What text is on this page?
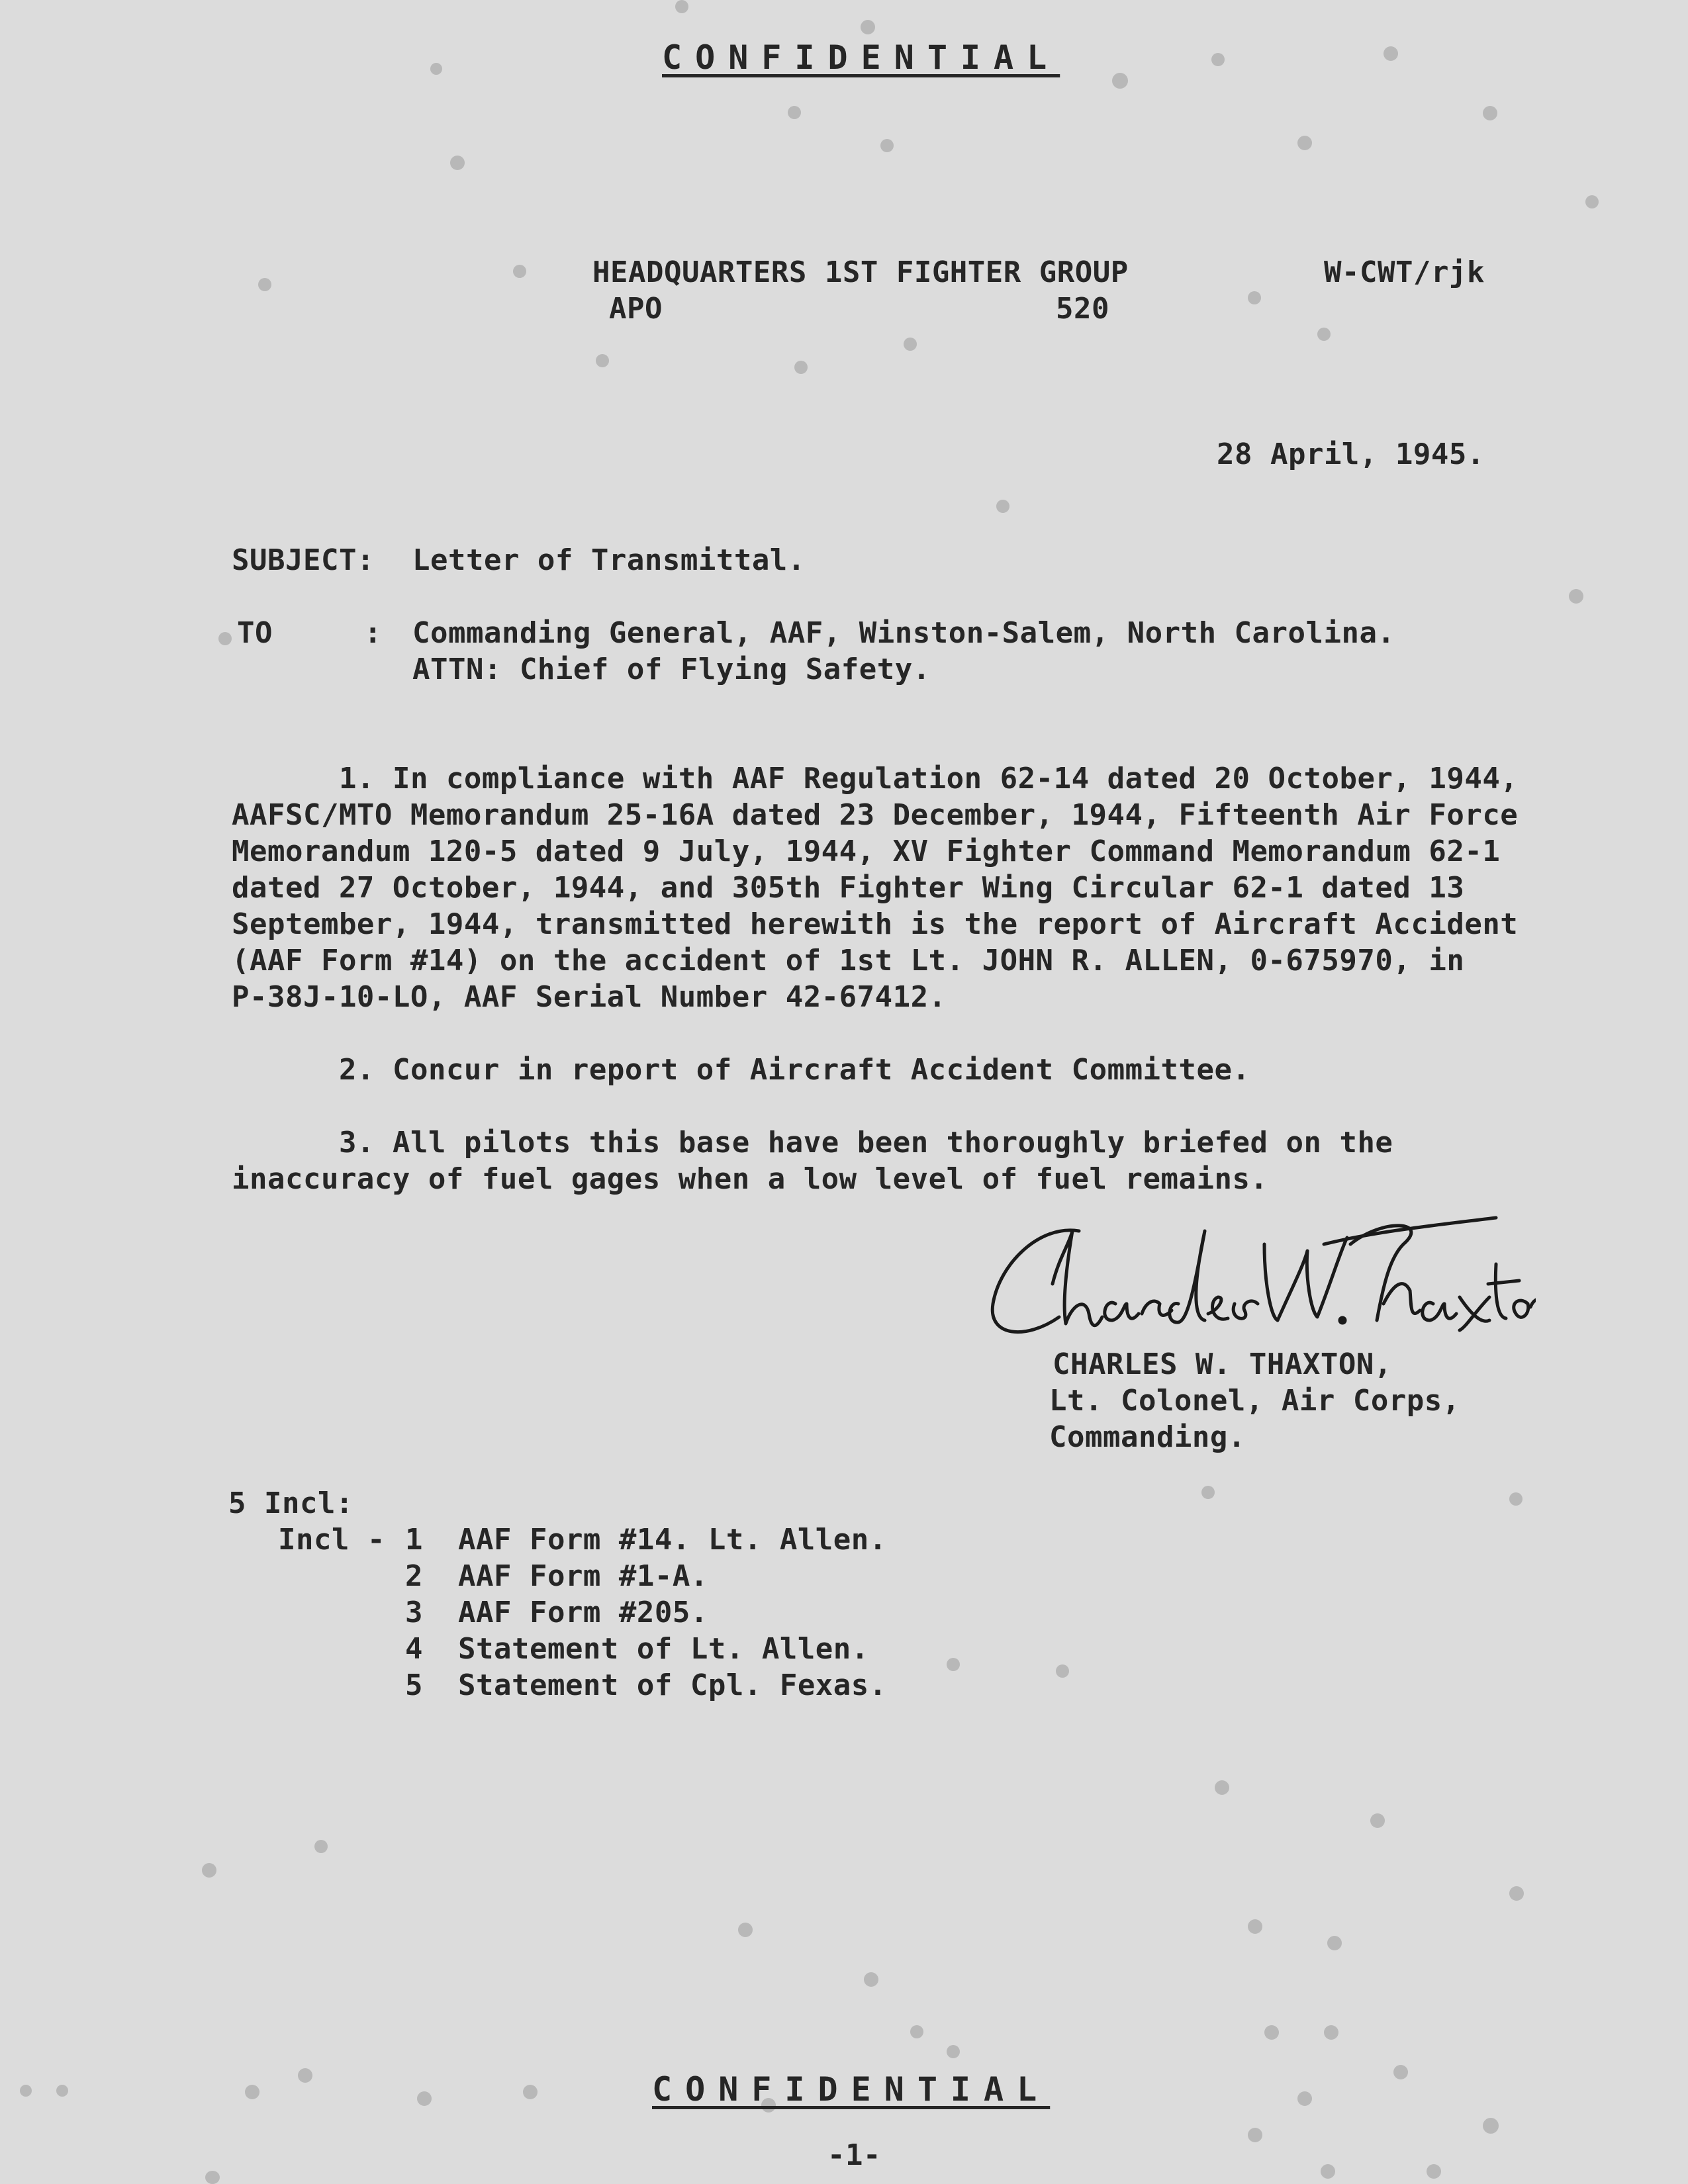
CONFIDENTIAL
HEADQUARTERS 1ST FIGHTER GROUP	W-CWT/rjk
APO	520
28 April, 1945.
SUBJECT: Letter of Transmittal.
TO	: Commanding General, AAF, Winston-Salem, North Carolina.
ATTN: Chief of Flying Safety.
1. In compliance with AAF Regulation 62-14 dated 20 October, 1944,
AAFSC/MTO Memorandum 25-16A dated 23 December, 1944, Fifteenth Air Force
Memorandum 120-5 dated 9 July, 1944, XV Fighter Command Memorandum 62-1
dated 27 October, 1944, and 305th Fighter Wing Circular 62-1 dated 13
September, 1944, transmitted herewith is the report of Aircraft Accident
(AAF Form #14) on the accident of 1st Lt. JOHN R. ALLEN, 0-675970, in
P-38J-10-LO, AAF Serial Number 42-67412.
2. Concur in report of Aircraft Accident Committee.
3. All pilots this base have been thoroughly briefed on the
inaccuracy of fuel gages when a low level of fuel remains.
CHARLES W. THAXTON,
Lt. Colonel, Air Corps,
Commanding.
5 Incl:
Incl - 1 AAF Form #14. Lt. Allen.
2 AAF Form #1-A.
3 AAF Form #205.
4 Statement of Lt. Allen.
5 Statement of Cpl. Fexas.
CONFIDENTIAL
-1-
